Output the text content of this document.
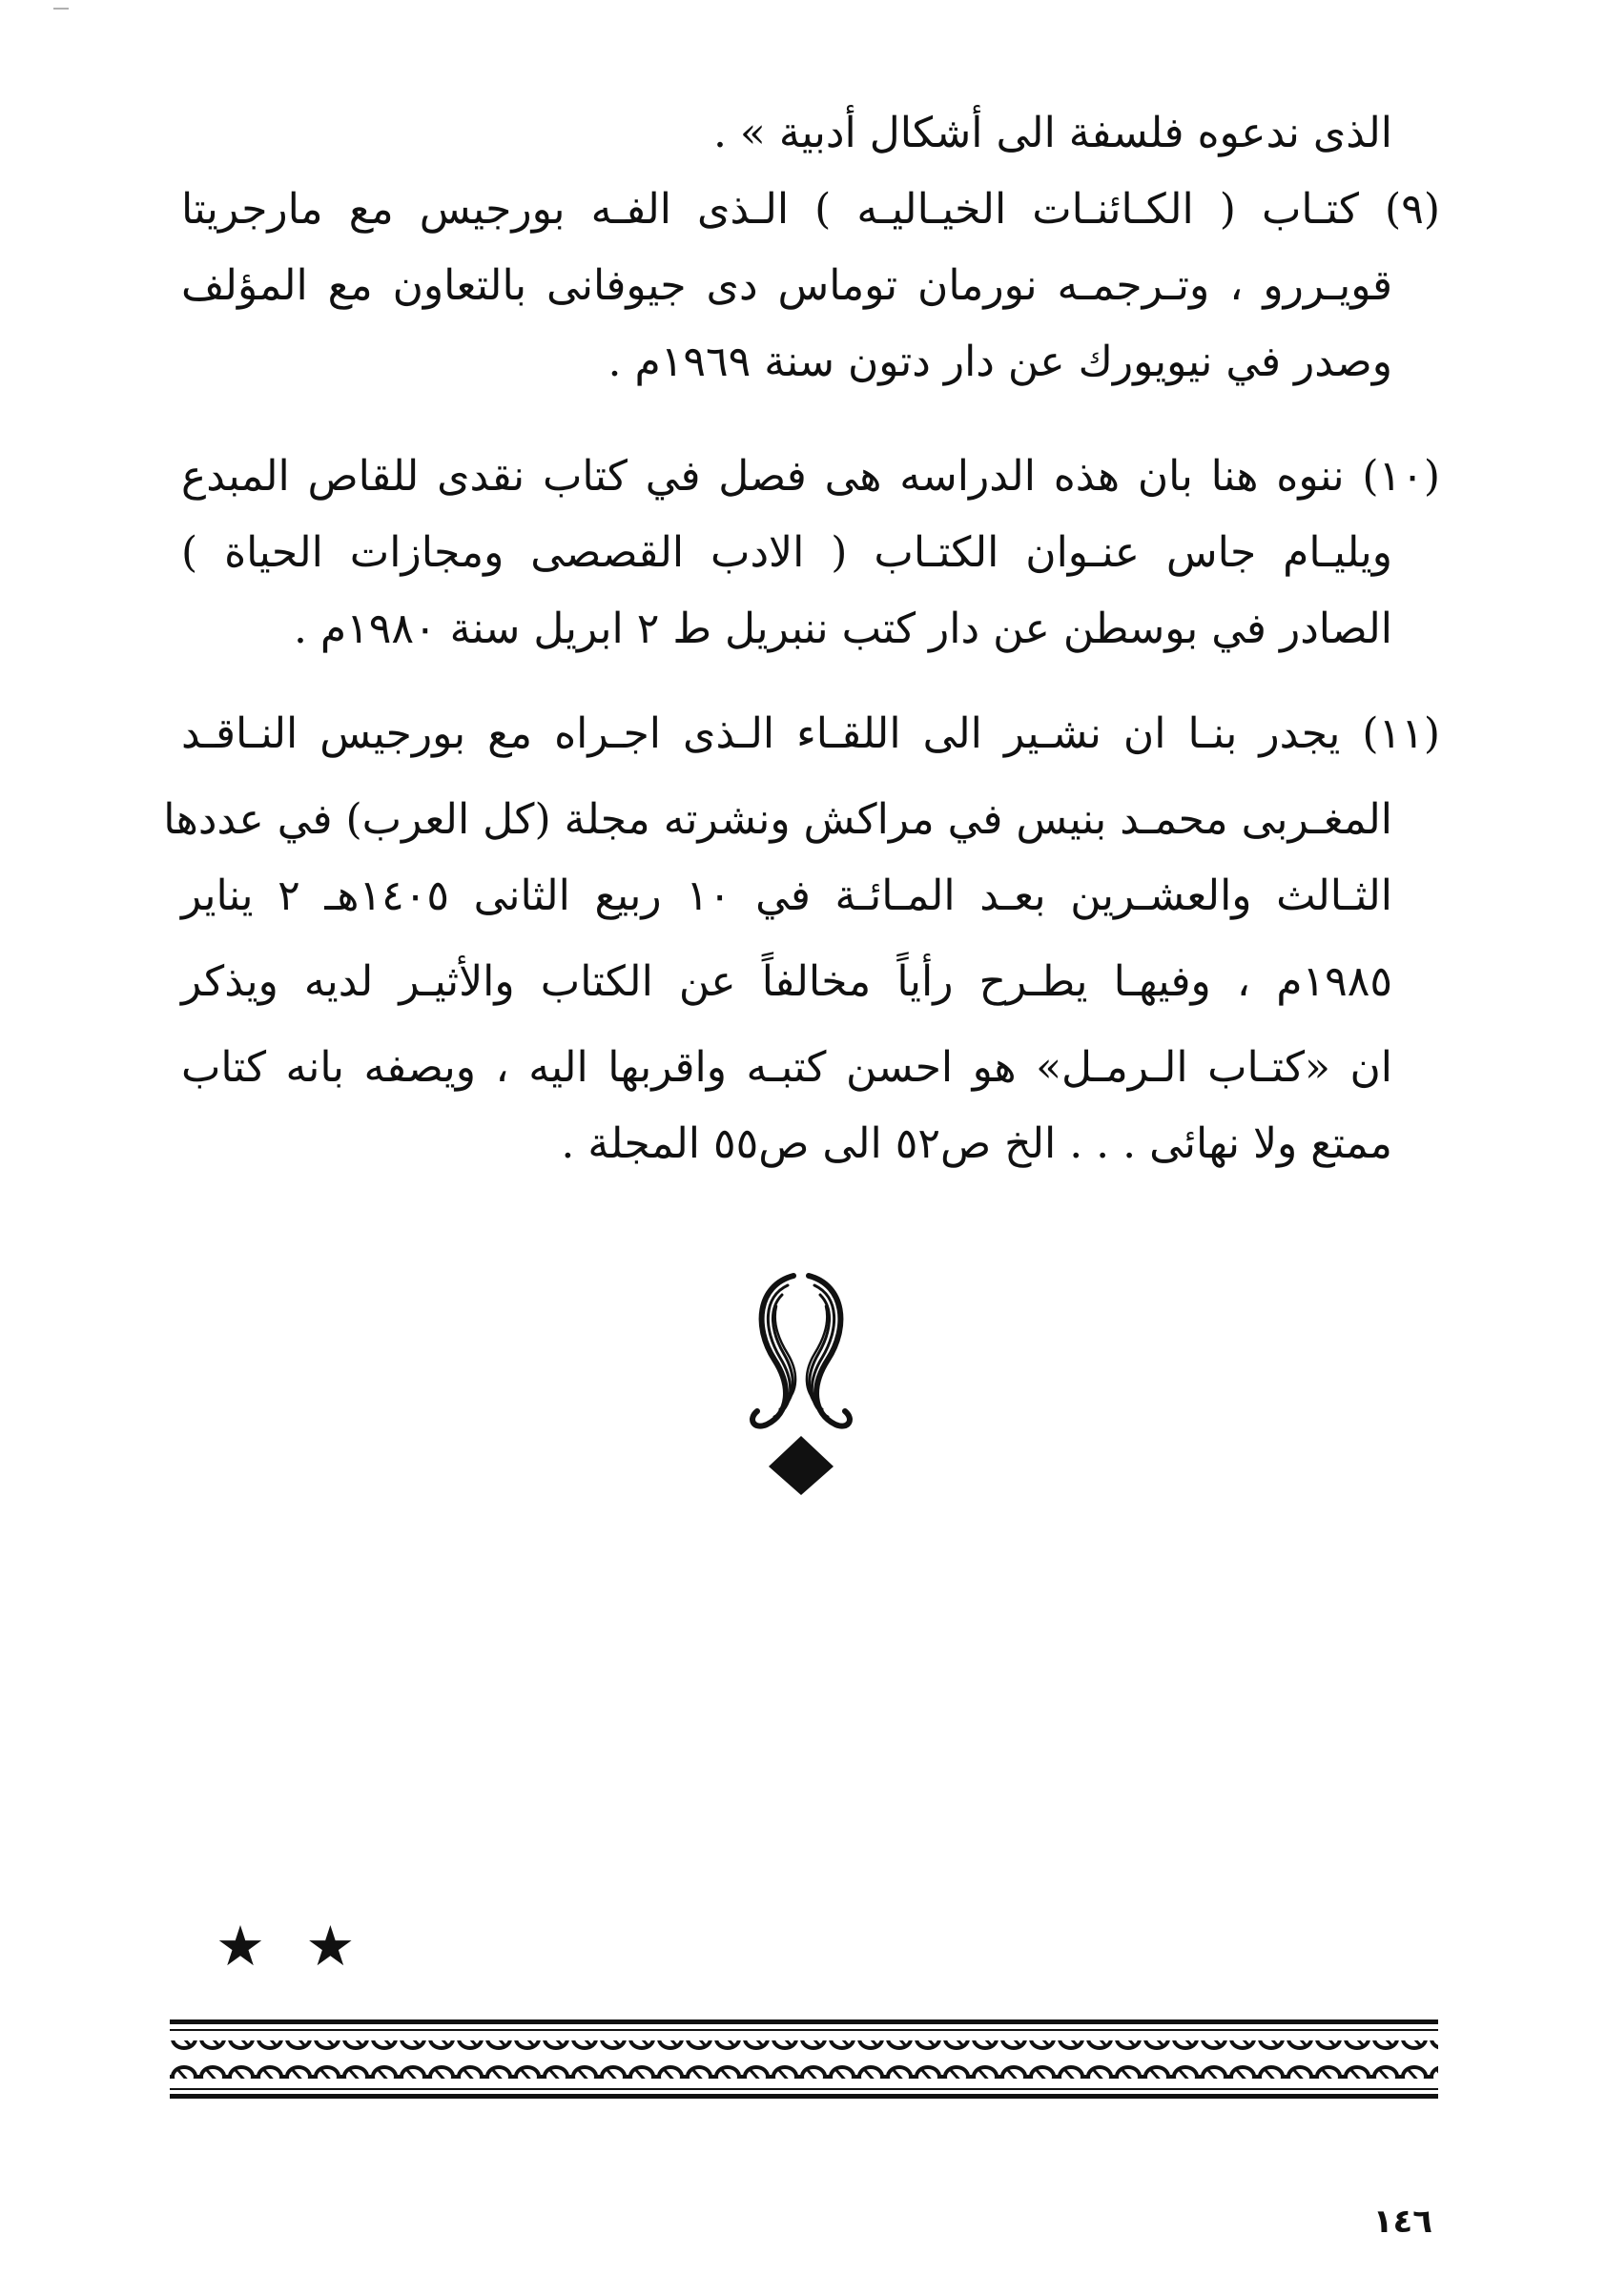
الذى ندعوه فلسفة الى أشكال أدبية » .
(٩) كتـاب ( الكـائنـات الخيـاليـه ) الـذى الفـه بورجيس مع مارجريتا
قويـررو ، وتـرجمـه نورمان توماس دى جيوفانى بالتعاون مع المؤلف
وصدر في نيويورك عن دار دتون سنة ١٩٦٩م .
(١٠) ننوه هنا بان هذه الدراسه هى فصل في كتاب نقدى للقاص المبدع
ويليـام جاس عنـوان الكتـاب ( الادب القصصى ومجازات الحياة )
الصادر في بوسطن عن دار كتب ننبريل ط ٢ ابريل سنة ١٩٨٠م .
(١١) يجدر بنـا ان نشـير الى اللقـاء الـذى اجـراه مع بورجيس النـاقـد
المغـربى محمـد بنيس في مراكش ونشرته مجلة (كل العرب) في عددها
الثـالث والعشـرين بعـد المـائـة في ١٠ ربيع الثانى ١٤٠٥هـ ٢ يناير
١٩٨٥م ، وفيهـا يطـرح رأياً مخالفاً عن الكتاب والأثيـر لديه ويذكر
ان «كتـاب الـرمـل» هو احسن كتبـه واقربها اليه ، ويصفه بانه كتاب
ممتع ولا نهائى . . . الخ ص٥٢ الى ص٥٥ المجلة .
★ ★
١٤٦
